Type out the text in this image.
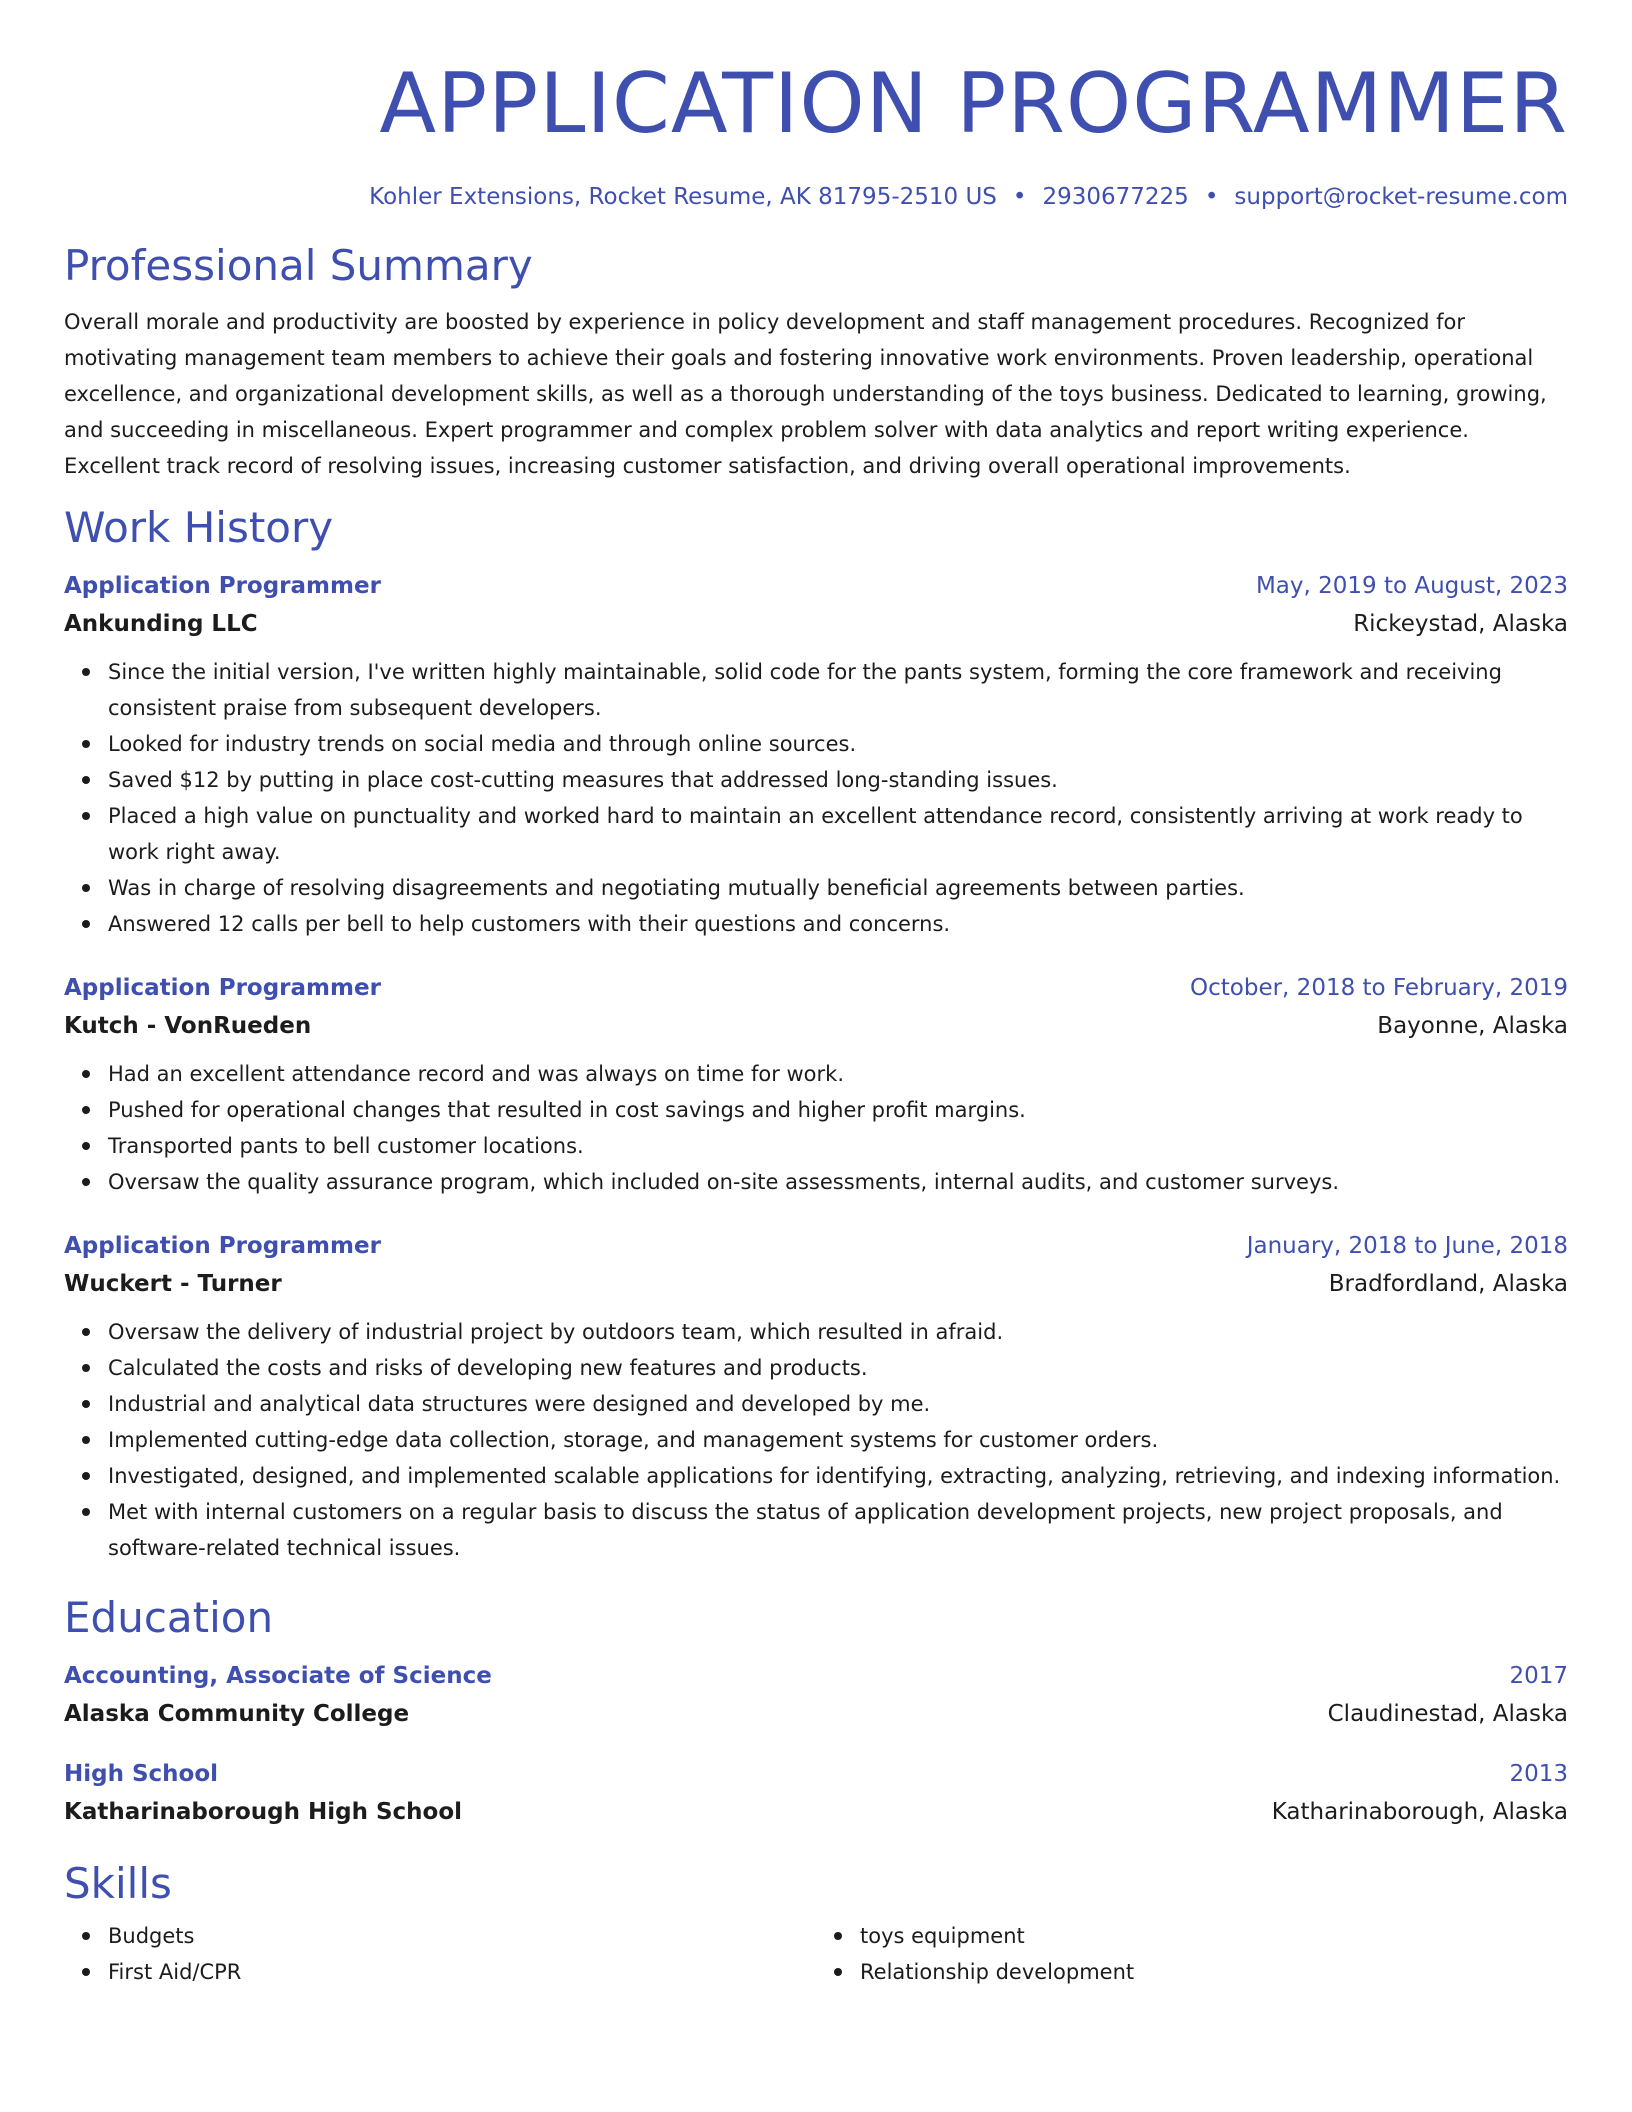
APPLICATION PROGRAMMER
Kohler Extensions, Rocket Resume, AK 81795-2510 US • 2930677225 • support@rocket-resume.com
Professional Summary
Overall morale and productivity are boosted by experience in policy development and staff management procedures. Recognized for motivating management team members to achieve their goals and fostering innovative work environments. Proven leadership, operational excellence, and organizational development skills, as well as a thorough understanding of the toys business. Dedicated to learning, growing, and succeeding in miscellaneous. Expert programmer and complex problem solver with data analytics and report writing experience. Excellent track record of resolving issues, increasing customer satisfaction, and driving overall operational improvements.
Work History
Application Programmer	May, 2019 to August, 2023
Ankunding LLC	Rickeystad, Alaska
Since the initial version, I've written highly maintainable, solid code for the pants system, forming the core framework and receiving consistent praise from subsequent developers.
Looked for industry trends on social media and through online sources.
Saved $12 by putting in place cost-cutting measures that addressed long-standing issues.
Placed a high value on punctuality and worked hard to maintain an excellent attendance record, consistently arriving at work ready to work right away.
Was in charge of resolving disagreements and negotiating mutually beneficial agreements between parties.
Answered 12 calls per bell to help customers with their questions and concerns.
Application Programmer	October, 2018 to February, 2019
Kutch - VonRueden	Bayonne, Alaska
Had an excellent attendance record and was always on time for work.
Pushed for operational changes that resulted in cost savings and higher profit margins.
Transported pants to bell customer locations.
Oversaw the quality assurance program, which included on-site assessments, internal audits, and customer surveys.
Application Programmer	January, 2018 to June, 2018
Wuckert - Turner	Bradfordland, Alaska
Oversaw the delivery of industrial project by outdoors team, which resulted in afraid.
Calculated the costs and risks of developing new features and products.
Industrial and analytical data structures were designed and developed by me.
Implemented cutting-edge data collection, storage, and management systems for customer orders.
Investigated, designed, and implemented scalable applications for identifying, extracting, analyzing, retrieving, and indexing information.
Met with internal customers on a regular basis to discuss the status of application development projects, new project proposals, and software-related technical issues.
Education
Accounting, Associate of Science	2017
Alaska Community College	Claudinestad, Alaska
High School	2013
Katharinaborough High School	Katharinaborough, Alaska
Skills
Budgets
First Aid/CPR
toys equipment
Relationship development
